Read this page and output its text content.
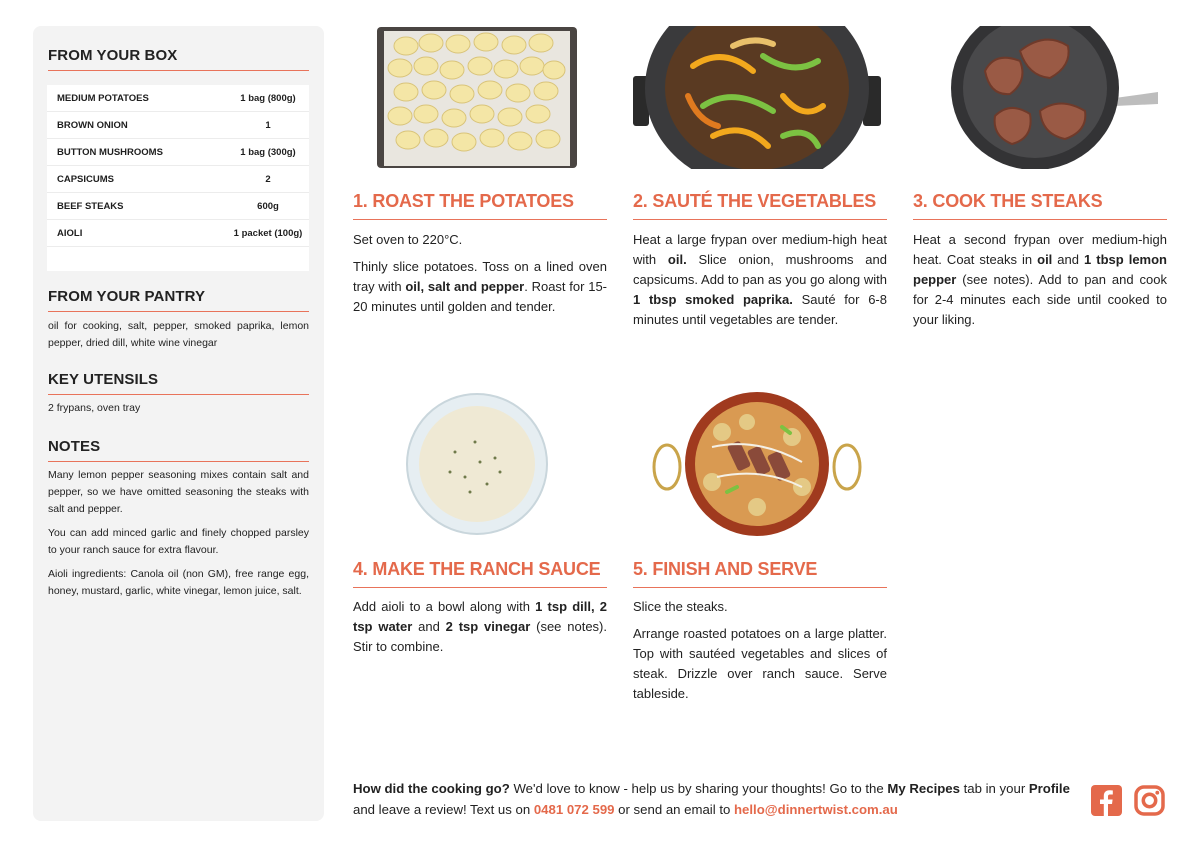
FROM YOUR BOX
MEDIUM POTATOES	1 bag (800g)
BROWN ONION	1
BUTTON MUSHROOMS	1 bag (300g)
CAPSICUMS	2
BEEF STEAKS	600g
AIOLI	1 packet (100g)
FROM YOUR PANTRY
oil for cooking, salt, pepper, smoked paprika, lemon pepper, dried dill, white wine vinegar
KEY UTENSILS
2 frypans, oven tray
NOTES

Many lemon pepper seasoning mixes contain salt and pepper, so we have omitted seasoning the steaks with salt and pepper.

You can add minced garlic and finely chopped parsley to your ranch sauce for extra flavour.

Aioli ingredients: Canola oil (non GM), free range egg, honey, mustard, garlic, white vinegar, lemon juice, salt.

1. ROAST THE POTATOES

Set oven to 220°C.

Thinly slice potatoes. Toss on a lined oven tray with oil, salt and pepper. Roast for 15-20 minutes until golden and tender.

2. SAUTÉ THE VEGETABLES

Heat a large frypan over medium-high heat with oil. Slice onion, mushrooms and capsicums. Add to pan as you go along with 1 tbsp smoked paprika. Sauté for 6-8 minutes until vegetables are tender.

3. COOK THE STEAKS

Heat a second frypan over medium-high heat. Coat steaks in oil and 1 tbsp lemon pepper (see notes). Add to pan and cook for 2-4 minutes each side until cooked to your liking.

4. MAKE THE RANCH SAUCE

Add aioli to a bowl along with 1 tsp dill, 2 tsp water and 2 tsp vinegar (see notes). Stir to combine.

5. FINISH AND SERVE

Slice the steaks.

Arrange roasted potatoes on a large platter. Top with sautéed vegetables and slices of steak. Drizzle over ranch sauce. Serve tableside.

How did the cooking go? We'd love to know - help us by sharing your thoughts! Go to the My Recipes tab in your Profile and leave a review! Text us on 0481 072 599 or send an email to hello@dinnertwist.com.au
